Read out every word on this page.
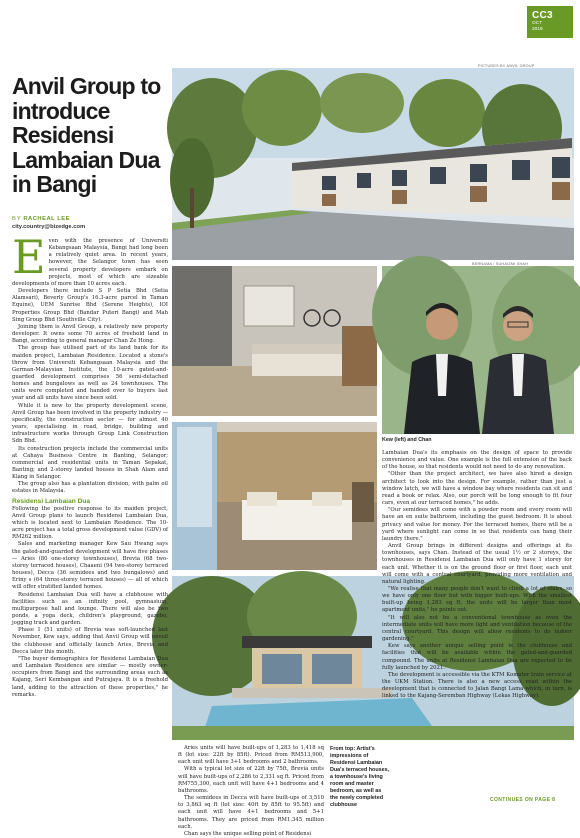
CC3
OCT
2019
Anvil Group to introduce Residensi Lambaian Dua in Bangi
BY RACHEAL LEE
city.country@bizedge.com
PICTURES BY ANVIL GROUP
BERNAMA / SUHAIZMI SHAH
Kew (left) and Chan

Even with the presence of Universiti Kebangsaan Malaysia, Bangi had long been a relatively quiet area. In recent years, however, the Selangor town has seen several property developers embark on projects, most of which are sizeable developments of more than 10 acres each.

Developers there include S P Setia Bhd (Setia Alamsari), Beverly Group's 16.3-acre parcel in Taman Equine), UEM Sunrise Bhd (Serene Heights), IOI Properties Group Bhd (Bandar Puteri Bangi) and Mah Sing Group Bhd (Southville City).

Joining them is Anvil Group, a relatively new property developer. It owns some 70 acres of freehold land in Bangi, according to general manager Chan Ze Hong.

The group has utilised part of its land bank for its maiden project, Lambaian Residence. Located a stone's throw from Universiti Kebangsaan Malaysia and the German-Malaysian Institute, the 10-acre gated-and-guarded development comprises 56 semi-detached homes and bungalows as well as 24 townhouses. The units were completed and handed over to buyers last year and all units have since been sold.

While it is new to the property development scene, Anvil Group has been involved in the property industry — specifically, the construction sector — for almost 40 years, specialising in road, bridge, building and infrastructure works through Group Link Construction Sdn Bhd.

Its construction projects include the commercial units at Cahaya Business Centre in Banting, Selangor; commercial and residential units in Taman Sepakat, Banting; and 2-storey landed houses in Shah Alam and Klang in Selangor.

The group also has a plantation division, with palm oil estates in Malaysia.

Residensi Lambaian Dua

Following the positive response to its maiden project, Anvil Group plans to launch Residensi Lambaian Dua, which is located next to Lambaian Residence. The 10-acre project has a total gross development value (GDV) of RM262 million.

Sales and marketing manager Kew Sau Hwang says the gated-and-guarded development will have five phases — Aries (80 one-storey townhouses), Brevia (68 two-storey terraced houses), Chaaeni (94 two-storey terraced houses), Decca (36 semidees and two bungalows) and Eriny s (64 three-storey terraced houses) — all of which will offer stratified landed homes.

Residensi Lambaian Dua will have a clubhouse with facilities such as an infinity pool, gymnasium, multipurpose hall and lounge. There will also be two ponds, a yoga deck, children's playground, gazebo, jogging track and garden.

Phase 1 (51 units) of Brevia was soft-launched last November, Kew says, adding that Anvil Group will unveil the clubhouse and officially launch Aries, Brevia and Decca later this month.

"The buyer demographics for Residensi Lambaian Dua and Lambaian Residence are similar — mostly owner-occupiers from Bangi and the surrounding areas such as Kajang, Seri Kembangan and Putrajaya. It is a freehold land, adding to the attraction of these properties," he remarks.

Aries units will have built-ups of 1,283 to 1,418 sq ft (lot size: 22ft by 85ft). Priced from RM513,900, each unit will have 3+1 bedrooms and 2 bathrooms.

With a typical lot size of 22ft by 75ft, Brevia units will have built-ups of 2,286 to 2,331 sq ft. Priced from RM755,300, each unit will have 4+1 bedrooms and 4 bathrooms.

The semidees in Decca will have built-ups of 3,510 to 3,863 sq ft (lot size: 40ft by 85ft to 95.5ft) and each unit will have 4+1 bedrooms and 5+1 bathrooms. They are priced from RM1.345 million each.

Chan says the unique selling point of Residensi

From top: Artist's impressions of Residensi Lambaian Dua's terraced houses, a townhouse's living room and master bedroom, as well as the newly completed clubhouse

Lambaian Dua's its emphasis on the design of space to provide convenience and value. One example is the full extension of the back of the house, so that residents would not need to do any renovation.

"Other than the project architect, we have also hired a design architect to look into the design. For example, rather than just a window latch, we will have a window bay where residents can sit and read a book or relax. Also, our porch will be long enough to fit four cars, even at our terraced homes," he adds.

"Our semidees will come with a powder room and every room will have an en suite bathroom, including the guest bedroom. It is about privacy and value for money. For the terraced homes, there will be a yard where sunlight can come in so that residents can hang their laundry there."

Anvil Group brings in different designs and offerings at its townhouses, says Chan. Instead of the usual 1½ or 2 storeys, the townhouses in Residensi Lambaian Dua will only have 1 storey for each unit. Whether it is on the ground floor or first floor, each unit will come with a central courtyard, providing more ventilation and natural lighting.

"We realise that many people don't want to climb a lot of stairs, so we have only one floor but with bigger built-ups. With the smallest built-up being 1,283 sq ft, the units will be larger than most apartment units," he points out.

"It will also not be a conventional townhouse as even the intermediate units will have more light and ventilation because of the central courtyard. This design will allow residents to do indoor gardening."

Kew says another unique selling point is the clubhouse and facilities that will be available within the gated-and-guarded compound. The units at Residensi Lambaian Dua are expected to be fully launched by 2021.

The development is accessible via the KTM Komuter train service at the UKM Station. There is also a new access road within the development that is connected to Jalan Bangi Lama which, in turn, is linked to the Kajang-Seremban Highway (Lekas Highway).

CONTINUES ON PAGE 8
